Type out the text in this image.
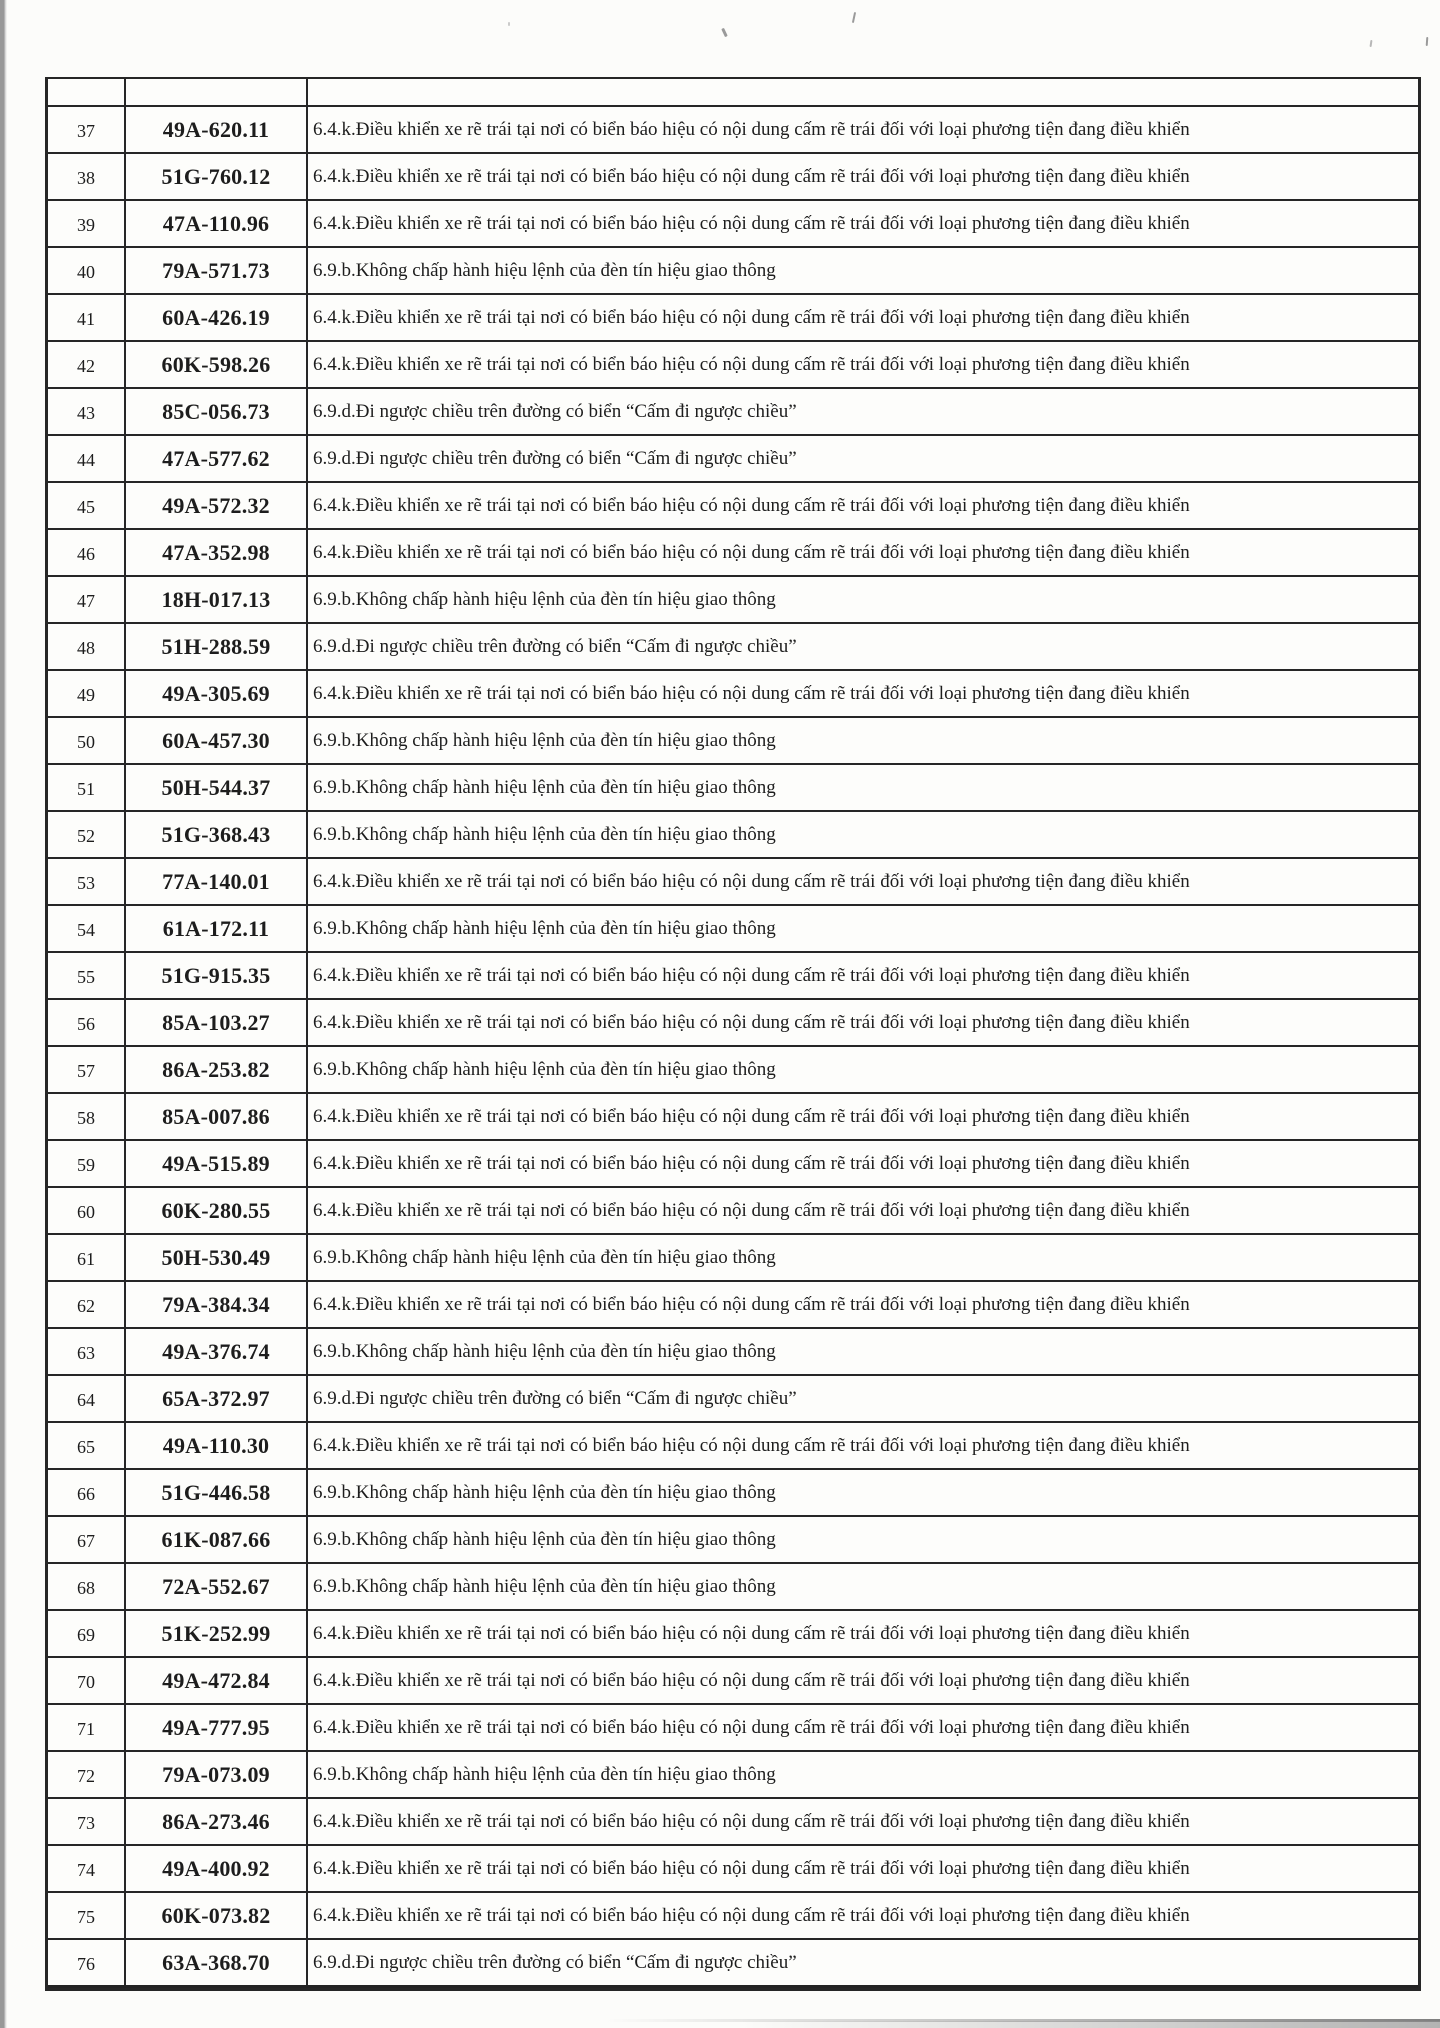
37	49A-620.11	6.4.k.Điều khiển xe rẽ trái tại nơi có biển báo hiệu có nội dung cấm rẽ trái đối với loại phương tiện đang điều khiển
38	51G-760.12	6.4.k.Điều khiển xe rẽ trái tại nơi có biển báo hiệu có nội dung cấm rẽ trái đối với loại phương tiện đang điều khiển
39	47A-110.96	6.4.k.Điều khiển xe rẽ trái tại nơi có biển báo hiệu có nội dung cấm rẽ trái đối với loại phương tiện đang điều khiển
40	79A-571.73	6.9.b.Không chấp hành hiệu lệnh của đèn tín hiệu giao thông
41	60A-426.19	6.4.k.Điều khiển xe rẽ trái tại nơi có biển báo hiệu có nội dung cấm rẽ trái đối với loại phương tiện đang điều khiển
42	60K-598.26	6.4.k.Điều khiển xe rẽ trái tại nơi có biển báo hiệu có nội dung cấm rẽ trái đối với loại phương tiện đang điều khiển
43	85C-056.73	6.9.d.Đi ngược chiều trên đường có biển “Cấm đi ngược chiều”
44	47A-577.62	6.9.d.Đi ngược chiều trên đường có biển “Cấm đi ngược chiều”
45	49A-572.32	6.4.k.Điều khiển xe rẽ trái tại nơi có biển báo hiệu có nội dung cấm rẽ trái đối với loại phương tiện đang điều khiển
46	47A-352.98	6.4.k.Điều khiển xe rẽ trái tại nơi có biển báo hiệu có nội dung cấm rẽ trái đối với loại phương tiện đang điều khiển
47	18H-017.13	6.9.b.Không chấp hành hiệu lệnh của đèn tín hiệu giao thông
48	51H-288.59	6.9.d.Đi ngược chiều trên đường có biển “Cấm đi ngược chiều”
49	49A-305.69	6.4.k.Điều khiển xe rẽ trái tại nơi có biển báo hiệu có nội dung cấm rẽ trái đối với loại phương tiện đang điều khiển
50	60A-457.30	6.9.b.Không chấp hành hiệu lệnh của đèn tín hiệu giao thông
51	50H-544.37	6.9.b.Không chấp hành hiệu lệnh của đèn tín hiệu giao thông
52	51G-368.43	6.9.b.Không chấp hành hiệu lệnh của đèn tín hiệu giao thông
53	77A-140.01	6.4.k.Điều khiển xe rẽ trái tại nơi có biển báo hiệu có nội dung cấm rẽ trái đối với loại phương tiện đang điều khiển
54	61A-172.11	6.9.b.Không chấp hành hiệu lệnh của đèn tín hiệu giao thông
55	51G-915.35	6.4.k.Điều khiển xe rẽ trái tại nơi có biển báo hiệu có nội dung cấm rẽ trái đối với loại phương tiện đang điều khiển
56	85A-103.27	6.4.k.Điều khiển xe rẽ trái tại nơi có biển báo hiệu có nội dung cấm rẽ trái đối với loại phương tiện đang điều khiển
57	86A-253.82	6.9.b.Không chấp hành hiệu lệnh của đèn tín hiệu giao thông
58	85A-007.86	6.4.k.Điều khiển xe rẽ trái tại nơi có biển báo hiệu có nội dung cấm rẽ trái đối với loại phương tiện đang điều khiển
59	49A-515.89	6.4.k.Điều khiển xe rẽ trái tại nơi có biển báo hiệu có nội dung cấm rẽ trái đối với loại phương tiện đang điều khiển
60	60K-280.55	6.4.k.Điều khiển xe rẽ trái tại nơi có biển báo hiệu có nội dung cấm rẽ trái đối với loại phương tiện đang điều khiển
61	50H-530.49	6.9.b.Không chấp hành hiệu lệnh của đèn tín hiệu giao thông
62	79A-384.34	6.4.k.Điều khiển xe rẽ trái tại nơi có biển báo hiệu có nội dung cấm rẽ trái đối với loại phương tiện đang điều khiển
63	49A-376.74	6.9.b.Không chấp hành hiệu lệnh của đèn tín hiệu giao thông
64	65A-372.97	6.9.d.Đi ngược chiều trên đường có biển “Cấm đi ngược chiều”
65	49A-110.30	6.4.k.Điều khiển xe rẽ trái tại nơi có biển báo hiệu có nội dung cấm rẽ trái đối với loại phương tiện đang điều khiển
66	51G-446.58	6.9.b.Không chấp hành hiệu lệnh của đèn tín hiệu giao thông
67	61K-087.66	6.9.b.Không chấp hành hiệu lệnh của đèn tín hiệu giao thông
68	72A-552.67	6.9.b.Không chấp hành hiệu lệnh của đèn tín hiệu giao thông
69	51K-252.99	6.4.k.Điều khiển xe rẽ trái tại nơi có biển báo hiệu có nội dung cấm rẽ trái đối với loại phương tiện đang điều khiển
70	49A-472.84	6.4.k.Điều khiển xe rẽ trái tại nơi có biển báo hiệu có nội dung cấm rẽ trái đối với loại phương tiện đang điều khiển
71	49A-777.95	6.4.k.Điều khiển xe rẽ trái tại nơi có biển báo hiệu có nội dung cấm rẽ trái đối với loại phương tiện đang điều khiển
72	79A-073.09	6.9.b.Không chấp hành hiệu lệnh của đèn tín hiệu giao thông
73	86A-273.46	6.4.k.Điều khiển xe rẽ trái tại nơi có biển báo hiệu có nội dung cấm rẽ trái đối với loại phương tiện đang điều khiển
74	49A-400.92	6.4.k.Điều khiển xe rẽ trái tại nơi có biển báo hiệu có nội dung cấm rẽ trái đối với loại phương tiện đang điều khiển
75	60K-073.82	6.4.k.Điều khiển xe rẽ trái tại nơi có biển báo hiệu có nội dung cấm rẽ trái đối với loại phương tiện đang điều khiển
76	63A-368.70	6.9.d.Đi ngược chiều trên đường có biển “Cấm đi ngược chiều”
